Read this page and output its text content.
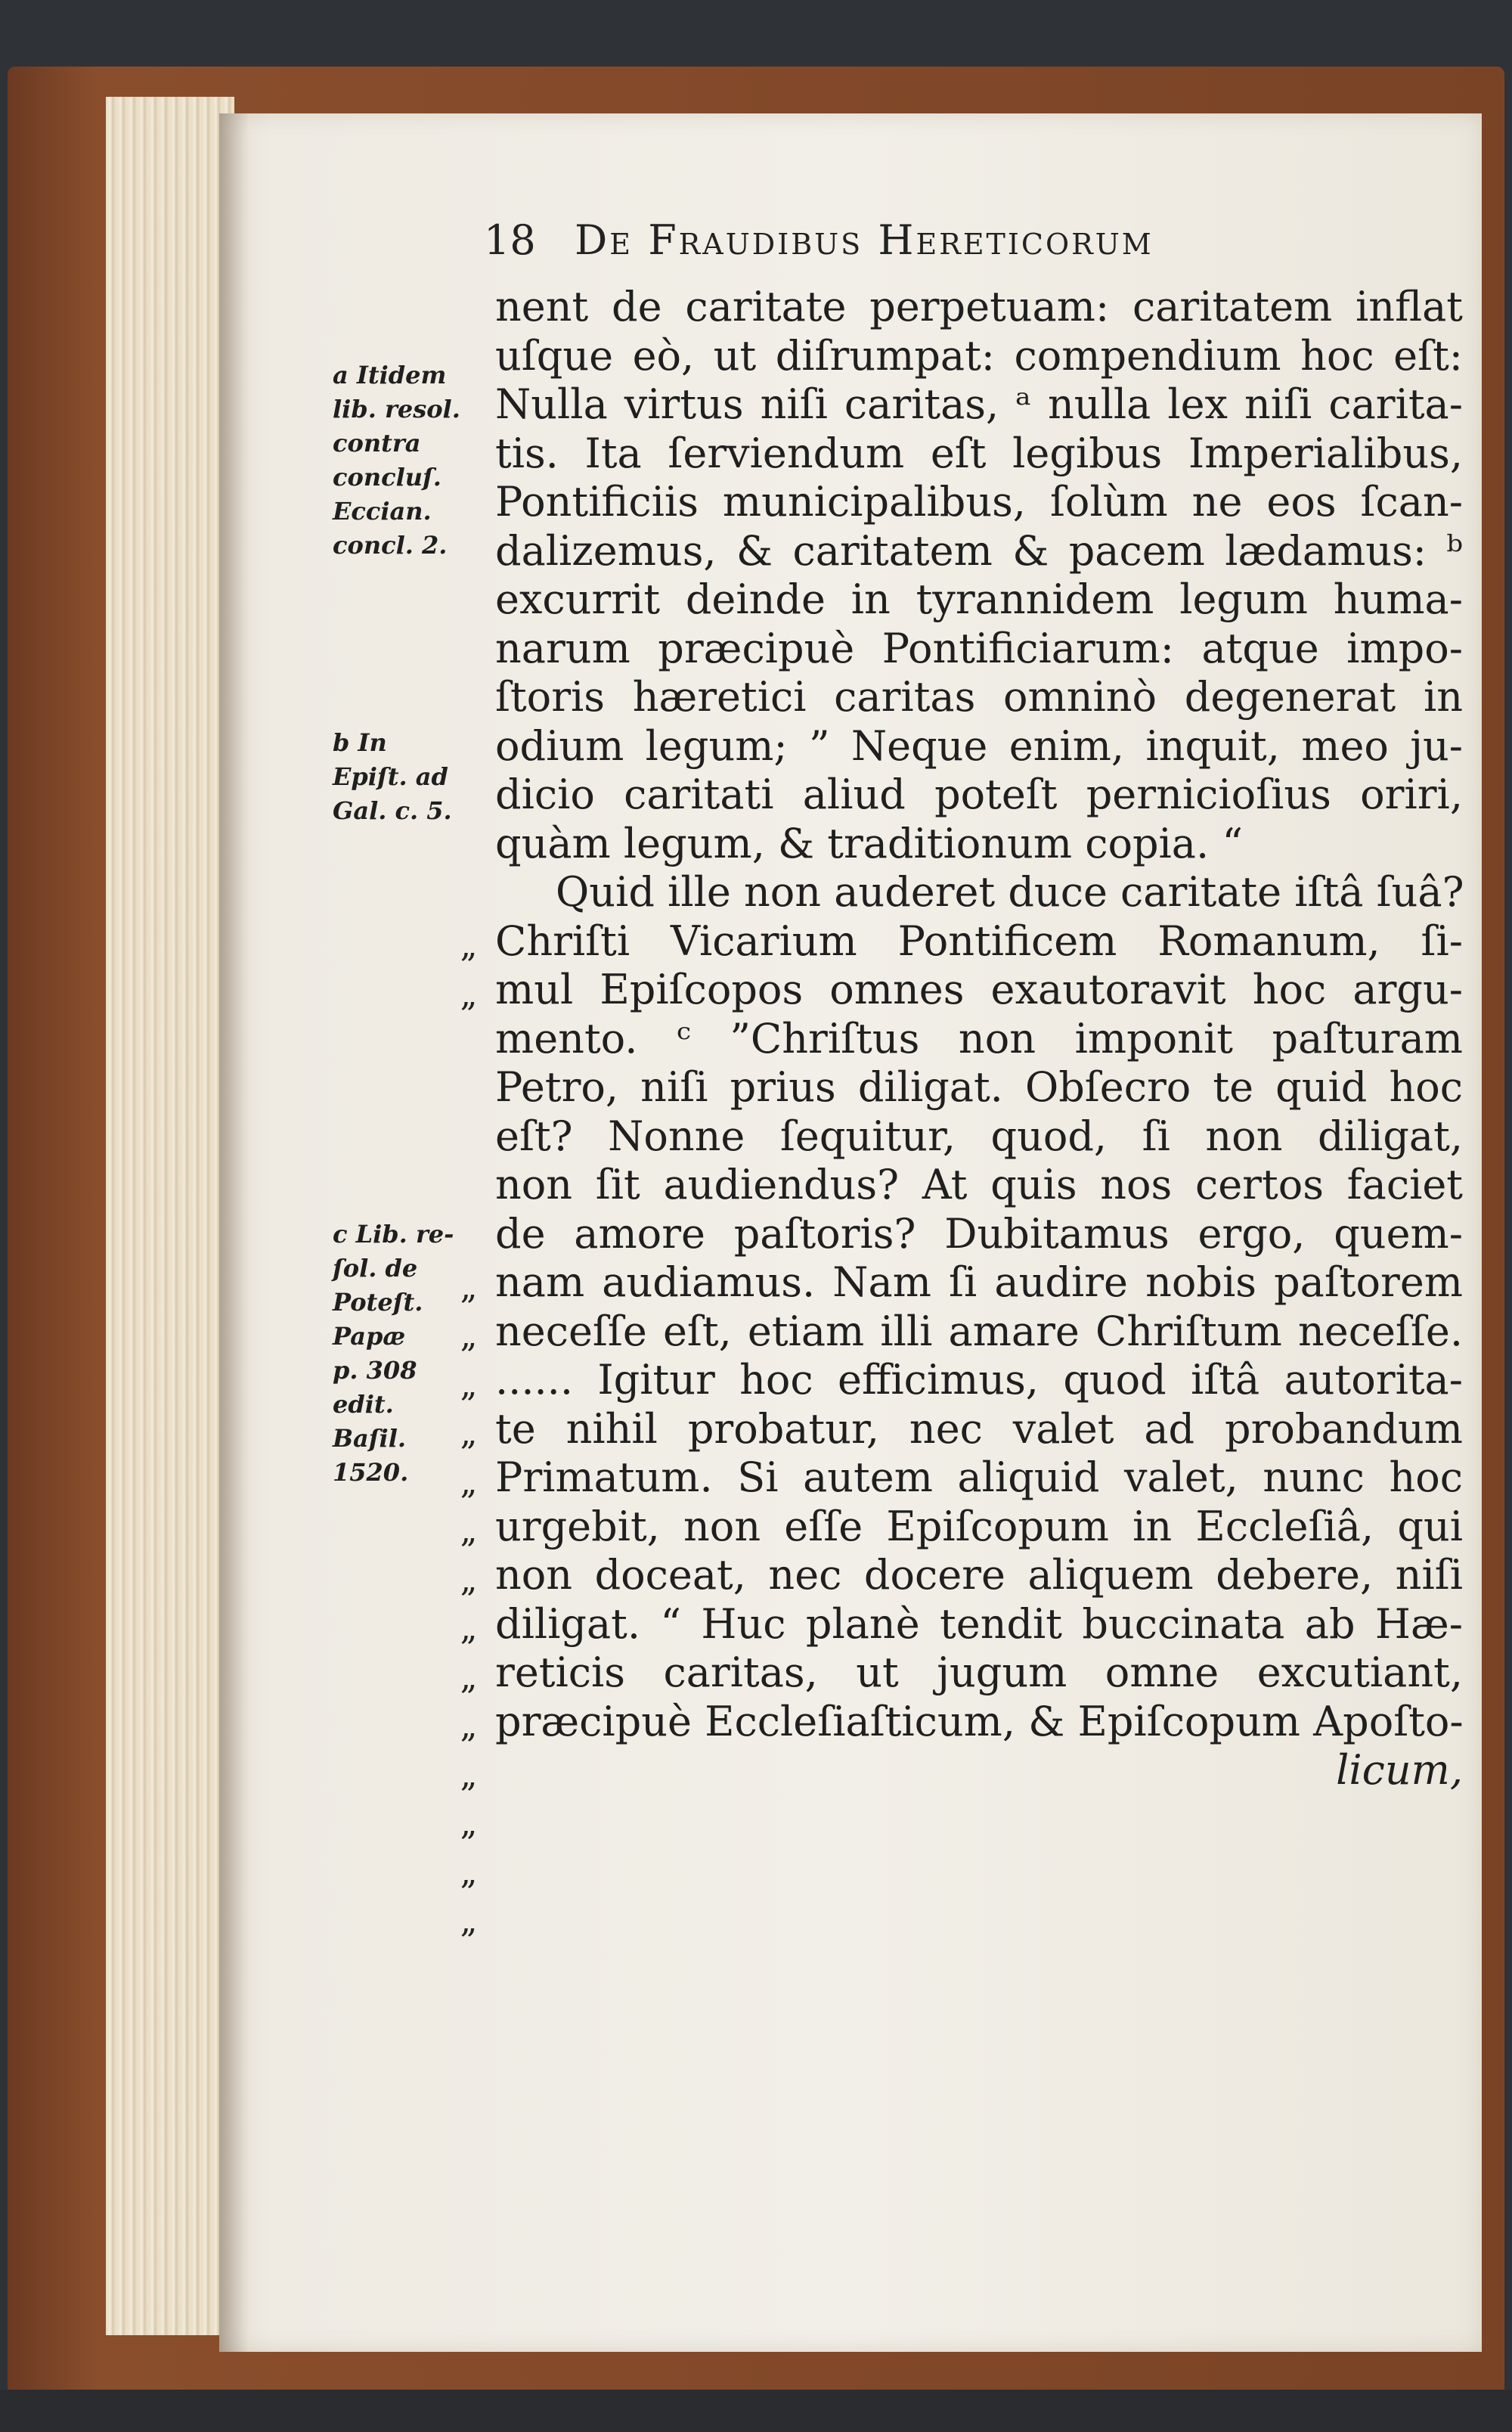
18 De Fraudibus Hereticorum
a Itidem
lib. resol.
contra
concluſ.
Eccian.
concl. 2.
b In
Epiſt. ad
Gal. c. 5.
c Lib. re-
ſol. de
Poteſt.
Papæ
p. 308
edit.
Baſil.
1520.
„
„
„
„
„
„
„
„
„
„
„
„
„
„
„
„
nent de caritate perpetuam: caritatem inflat
uſque eò, ut diſrumpat: compendium hoc eſt:
Nulla virtus niſi caritas, ᵃ nulla lex niſi carita-
tis. Ita ſerviendum eſt legibus Imperialibus,
Pontificiis municipalibus, ſolùm ne eos ſcan-
dalizemus, & caritatem & pacem lædamus: ᵇ
excurrit deinde in tyrannidem legum huma-
narum præcipuè Pontificiarum: atque impo-
ſtoris hæretici caritas omninò degenerat in
odium legum; ” Neque enim, inquit, meo ju-
dicio caritati aliud poteſt pernicioſius oriri,
quàm legum, & traditionum copia. “
Quid ille non auderet duce caritate iſtâ ſuâ?
Chriſti Vicarium Pontificem Romanum, ſi-
mul Epiſcopos omnes exautoravit hoc argu-
mento. ᶜ ”Chriſtus non imponit paſturam
Petro, niſi prius diligat. Obſecro te quid hoc
eſt? Nonne ſequitur, quod, ſi non diligat,
non ſit audiendus? At quis nos certos faciet
de amore paſtoris? Dubitamus ergo, quem-
nam audiamus. Nam ſi audire nobis paſtorem
neceſſe eſt, etiam illi amare Chriſtum neceſſe.
...... Igitur hoc efficimus, quod iſtâ autorita-
te nihil probatur, nec valet ad probandum
Primatum. Si autem aliquid valet, nunc hoc
urgebit, non eſſe Epiſcopum in Eccleſiâ, qui
non doceat, nec docere aliquem debere, niſi
diligat. “ Huc planè tendit buccinata ab Hæ-
reticis caritas, ut jugum omne excutiant,
præcipuè Eccleſiaſticum, & Epiſcopum Apoſto-
licum,
